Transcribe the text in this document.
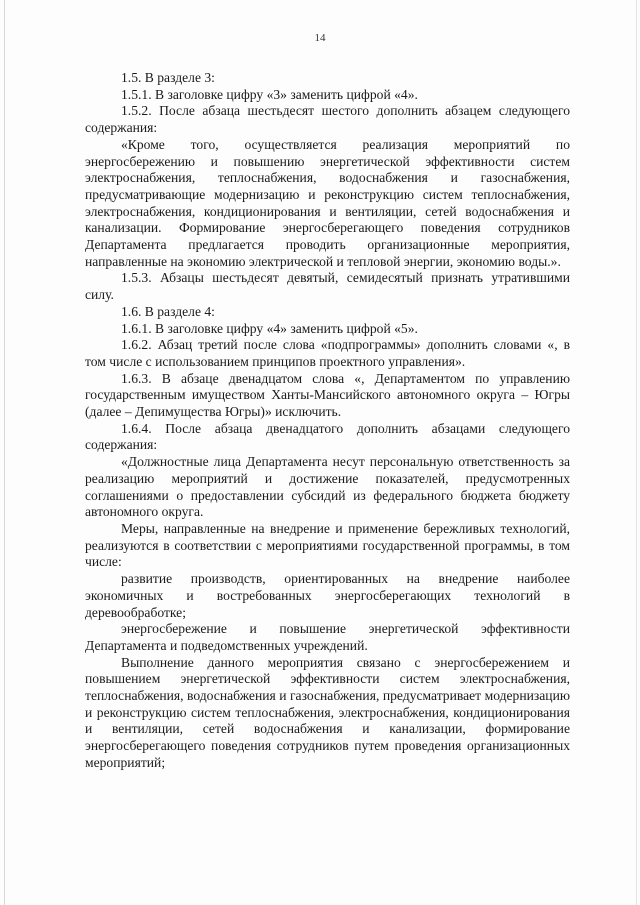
14

1.5. В разделе 3:

1.5.1. В заголовке цифру «3» заменить цифрой «4».

1.5.2. После абзаца шестьдесят шестого дополнить абзацем следующего содержания:

«Кроме того, осуществляется реализация мероприятий по энергосбережению и повышению энергетической эффективности систем электроснабжения, теплоснабжения, водоснабжения и газоснабжения, предусматривающие модернизацию и реконструкцию систем теплоснабжения, электроснабжения, кондиционирования и вентиляции, сетей водоснабжения и канализации. Формирование энергосберегающего поведения сотрудников Департамента предлагается проводить организационные мероприятия, направленные на экономию электрической и тепловой энергии, экономию воды.».

1.5.3. Абзацы шестьдесят девятый, семидесятый признать утратившими силу.

1.6. В разделе 4:

1.6.1. В заголовке цифру «4» заменить цифрой «5».

1.6.2. Абзац третий после слова «подпрограммы» дополнить словами «, в том числе с использованием принципов проектного управления».

1.6.3. В абзаце двенадцатом слова «, Департаментом по управлению государственным имуществом Ханты-Мансийского автономного округа – Югры (далее – Депимущества Югры)» исключить.

1.6.4. После абзаца двенадцатого дополнить абзацами следующего содержания:

«Должностные лица Департамента несут персональную ответственность за реализацию мероприятий и достижение показателей, предусмотренных соглашениями о предоставлении субсидий из федерального бюджета бюджету автономного округа.

Меры, направленные на внедрение и применение бережливых технологий, реализуются в соответствии с мероприятиями государственной программы, в том числе:

развитие производств, ориентированных на внедрение наиболее экономичных и востребованных энергосберегающих технологий в деревообработке;

энергосбережение и повышение энергетической эффективности Департамента и подведомственных учреждений.

Выполнение данного мероприятия связано с энергосбережением и повышением энергетической эффективности систем электроснабжения, теплоснабжения, водоснабжения и газоснабжения, предусматривает модернизацию и реконструкцию систем теплоснабжения, электроснабжения, кондиционирования и вентиляции, сетей водоснабжения и канализации, формирование энергосберегающего поведения сотрудников путем проведения организационных мероприятий;
